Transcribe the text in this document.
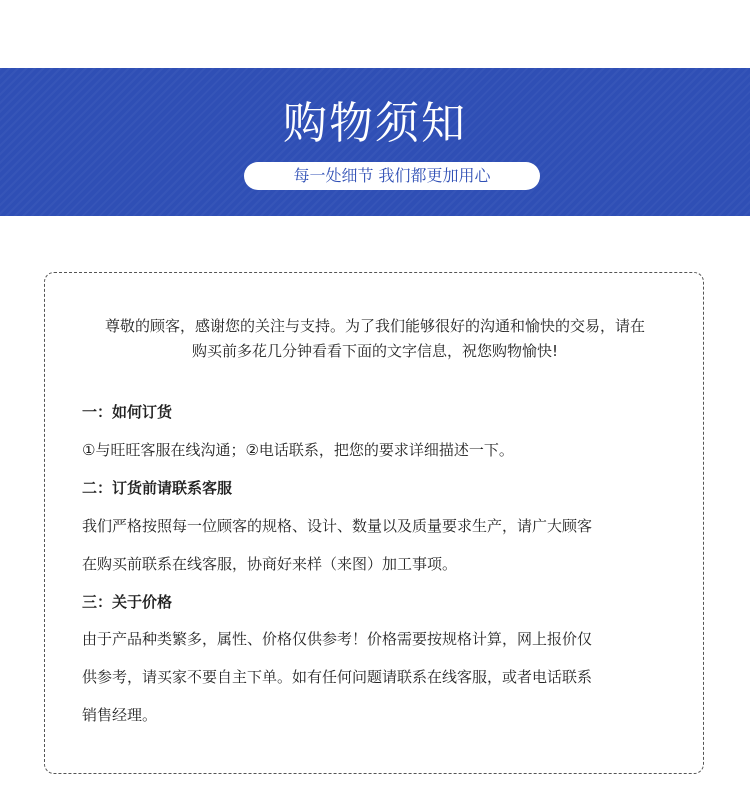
购物须知
每一处细节 我们都更加用心
尊敬的顾客，感谢您的关注与支持。为了我们能够很好的沟通和愉快的交易，请在
购买前多花几分钟看看下面的文字信息，祝您购物愉快!
一：如何订货
①与旺旺客服在线沟通；②电话联系，把您的要求详细描述一下。
二：订货前请联系客服
我们严格按照每一位顾客的规格、设计、数量以及质量要求生产，请广大顾客
在购买前联系在线客服，协商好来样（来图）加工事项。
三：关于价格
由于产品种类繁多，属性、价格仅供参考！价格需要按规格计算，网上报价仅
供参考，请买家不要自主下单。如有任何问题请联系在线客服，或者电话联系
销售经理。
